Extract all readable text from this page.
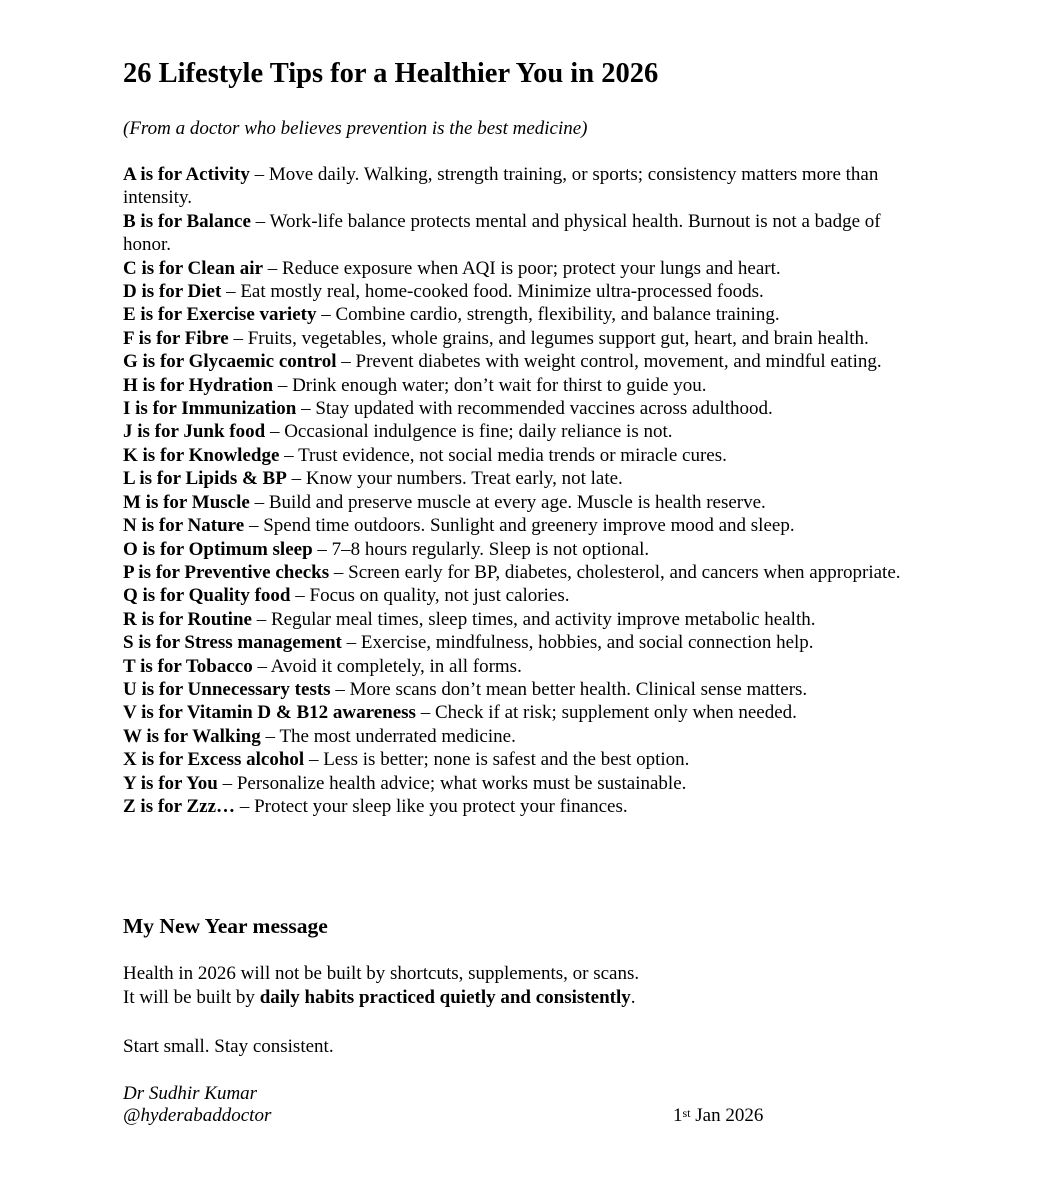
26 Lifestyle Tips for a Healthier You in 2026
(From a doctor who believes prevention is the best medicine)
A is for Activity – Move daily. Walking, strength training, or sports; consistency matters more than intensity.
B is for Balance – Work-life balance protects mental and physical health. Burnout is not a badge of honor.
C is for Clean air – Reduce exposure when AQI is poor; protect your lungs and heart.
D is for Diet – Eat mostly real, home-cooked food. Minimize ultra-processed foods.
E is for Exercise variety – Combine cardio, strength, flexibility, and balance training.
F is for Fibre – Fruits, vegetables, whole grains, and legumes support gut, heart, and brain health.
G is for Glycaemic control – Prevent diabetes with weight control, movement, and mindful eating.
H is for Hydration – Drink enough water; don’t wait for thirst to guide you.
I is for Immunization – Stay updated with recommended vaccines across adulthood.
J is for Junk food – Occasional indulgence is fine; daily reliance is not.
K is for Knowledge – Trust evidence, not social media trends or miracle cures.
L is for Lipids & BP – Know your numbers. Treat early, not late.
M is for Muscle – Build and preserve muscle at every age. Muscle is health reserve.
N is for Nature – Spend time outdoors. Sunlight and greenery improve mood and sleep.
O is for Optimum sleep – 7–8 hours regularly. Sleep is not optional.
P is for Preventive checks – Screen early for BP, diabetes, cholesterol, and cancers when appropriate.
Q is for Quality food – Focus on quality, not just calories.
R is for Routine – Regular meal times, sleep times, and activity improve metabolic health.
S is for Stress management – Exercise, mindfulness, hobbies, and social connection help.
T is for Tobacco – Avoid it completely, in all forms.
U is for Unnecessary tests – More scans don’t mean better health. Clinical sense matters.
V is for Vitamin D & B12 awareness – Check if at risk; supplement only when needed.
W is for Walking – The most underrated medicine.
X is for Excess alcohol – Less is better; none is safest and the best option.
Y is for You – Personalize health advice; what works must be sustainable.
Z is for Zzz… – Protect your sleep like you protect your finances.
My New Year message
Health in 2026 will not be built by shortcuts, supplements, or scans.
It will be built by daily habits practiced quietly and consistently.
Start small. Stay consistent.
Dr Sudhir Kumar
@hyderabaddoctor	1st Jan 2026
